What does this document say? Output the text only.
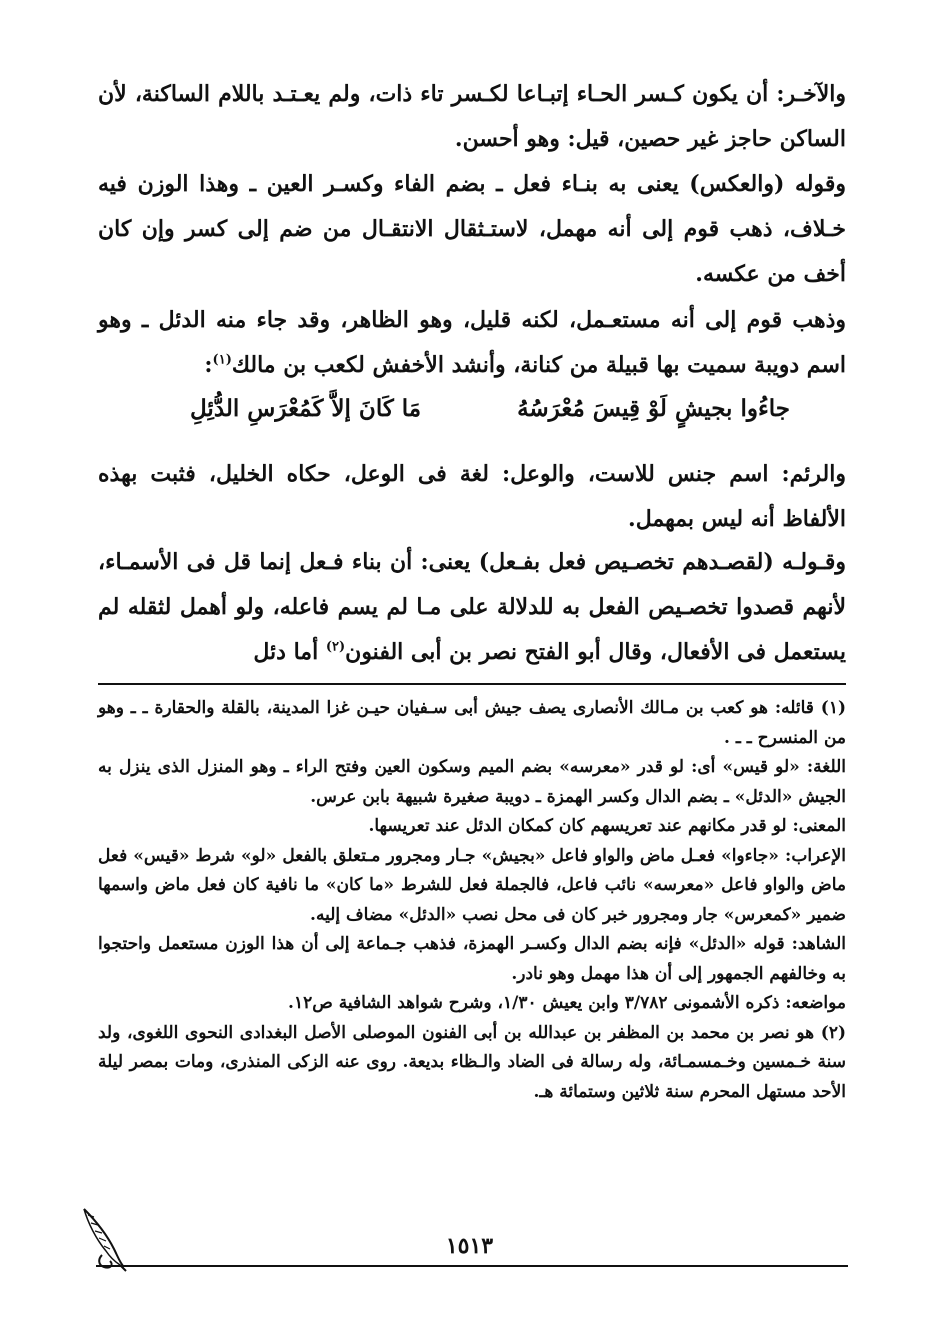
والآخـر: أن يكون كـسر الحـاء إتبـاعا لكـسر تاء ذات، ولم يعـتـد باللام الساكنة، لأن الساكن حاجز غير حصين، قيل: وهو أحسن.

وقوله (والعكس) يعنى به بنـاء فعل ـ بضم الفاء وكسـر العين ـ وهذا الوزن فيه خـلاف، ذهب قوم إلى أنه مهمل، لاستـثقال الانتقـال من ضم إلى كسر وإن كان أخف من عكسه.

وذهب قوم إلى أنه مستعـمل، لكنه قليل، وهو الظاهر، وقد جاء منه الدئل ـ وهو اسم دويبة سميت بها قبيلة من كنانة، وأنشد الأخفش لكعب بن مالك$^{(١)}$:

جاءُوا بجيشٍ لَوْ قِيسَ مُعْرَسُهُ
مَا كَانَ إلاَّ كَمُعْرَسِ الدُّئِلِ

والرئم: اسم جنس للاست، والوعل: لغة فى الوعل، حكاه الخليل، فثبت بهذه الألفاظ أنه ليس بمهمل.

وقـولـه (لقصـدهم تخصـيص فعل بفـعل) يعنى: أن بناء فـعل إنما قل فى الأسمـاء، لأنهم قصدوا تخصـيص الفعل به للدلالة على مـا لم يسم فاعله، ولو أهمل لثقله لم يستعمل فى الأفعال، وقال أبو الفتح نصر بن أبى الفنون$^{(٢)}$ أما دئل

(١) قائله: هو كعب بن مـالك الأنصارى يصف جيش أبى سـفيان حيـن غزا المدينة، بالقلة والحقارة ـ ـ وهو من المنسرح ـ ـ .

اللغة: «لو قيس» أى: لو قدر «معرسه» بضم الميم وسكون العين وفتح الراء ـ وهو المنزل الذى ينزل به الجيش «الدئل» ـ بضم الدال وكسر الهمزة ـ دويبة صغيرة شبيهة بابن عرس.

المعنى: لو قدر مكانهم عند تعريسهم كان كمكان الدئل عند تعريسها.

الإعراب: «جاءوا» فعـل ماض والواو فاعل «بجيش» جـار ومجرور مـتعلق بالفعل «لو» شرط «قيس» فعل ماض والواو فاعل «معرسه» نائب فاعل، فالجملة فعل للشرط «ما كان» ما نافية كان فعل ماض واسمها ضمير «كمعرس» جار ومجرور خبر كان فى محل نصب «الدئل» مضاف إليه.

الشاهد: قوله «الدئل» فإنه بضم الدال وكسـر الهمزة، فذهب جـماعة إلى أن هذا الوزن مستعمل واحتجوا به وخالفهم الجمهور إلى أن هذا مهمل وهو نادر.

مواضعه: ذكره الأشمونى ٣/٧٨٢ وابن يعيش ١/٣٠، وشرح شواهد الشافية ص١٢.

(٢) هو نصر بن محمد بن المظفر بن عبدالله بن أبى الفنون الموصلى الأصل البغدادى النحوى اللغوى، ولد سنة خـمسين وخـمسمـائة، وله رسالة فى الضاد والـظاء بديعة. روى عنه الزكى المنذرى، ومات بمصر ليلة الأحد مستهل المحرم سنة ثلاثين وستمائة هـ.

١٥١٣
